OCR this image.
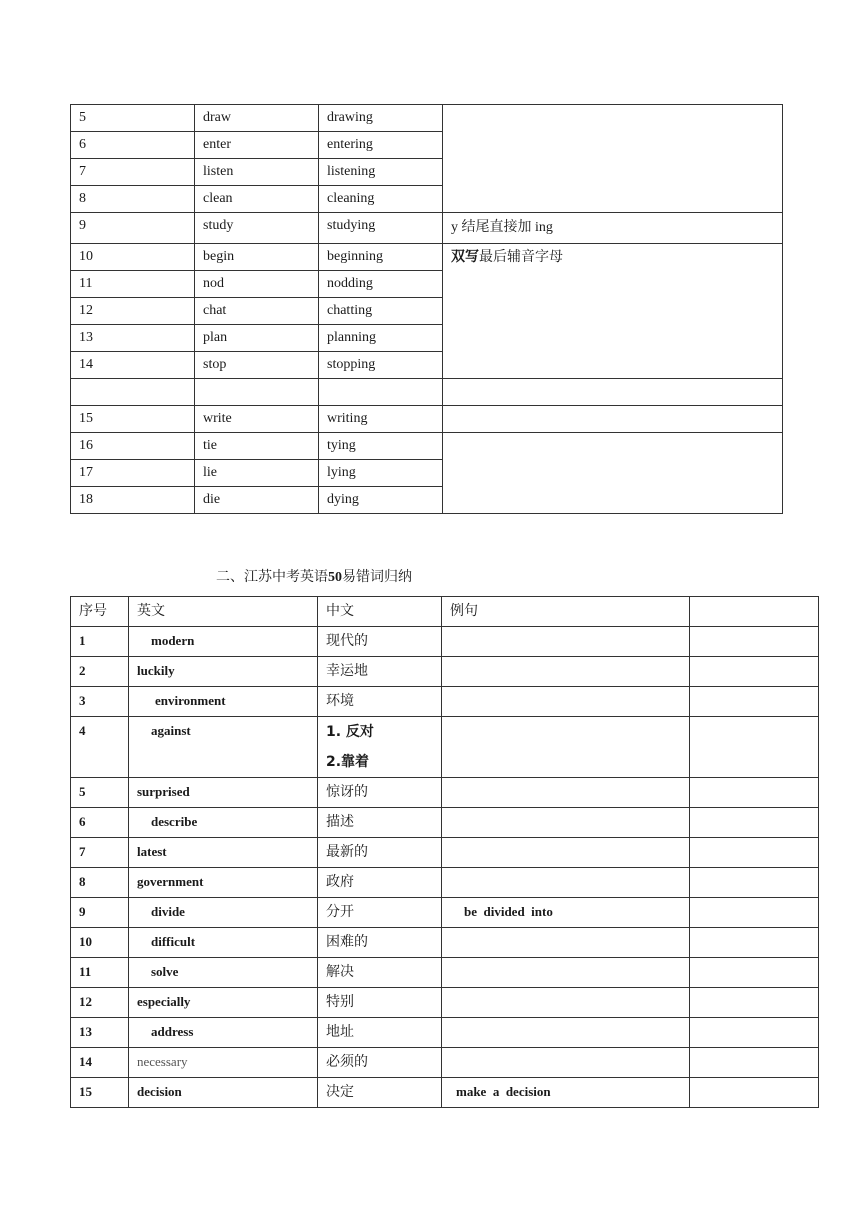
5	draw	drawing	
6	enter	entering	
7	listen	listening	
8	clean	cleaning	
9	study	studying	y 结尾直接加 ing
10	begin	beginning	双写最后辅音字母
11	nod	nodding	
12	chat	chatting	
13	plan	planning	
14	stop	stopping	

15	write	writing	
16	tie	tying	
17	lie	lying	
18	die	dying	
二、江苏中考英语50易错词归纳
序号	英文	中文	例句	
1	modern	现代的		
2	luckily	幸运地		
3	environment	环境		
4	against	1. 反对
2.靠着		

5	surprised	惊讶的		
6	describe	描述		
7	latest	最新的		
8	government	政府		
9	divide	分开	be  divided  into	
10	difficult	困难的		
11	solve	解决		
12	especially	特别		
13	address	地址		
14	necessary	必须的		
15	decision	决定	make  a  decision	
